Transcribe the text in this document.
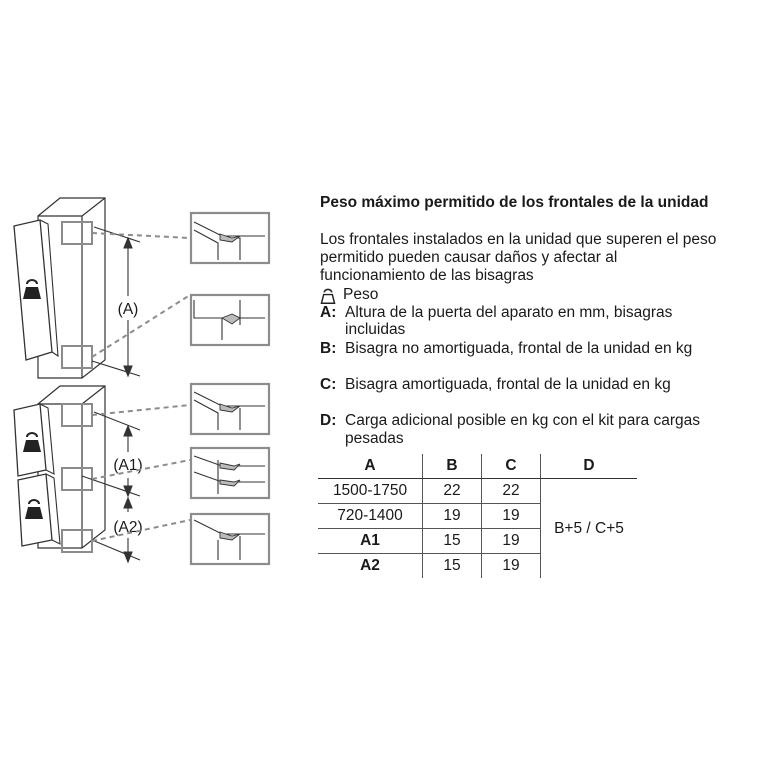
(A)
(A1)
(A2)
Peso máximo permitido de los frontales de la unidad
Los frontales instalados en la unidad que superen el peso
permitido pueden causar daños y afectar al
funcionamiento de las bisagras
Peso
A: Altura de la puerta del aparato en mm, bisagras
incluidas
B: Bisagra no amortiguada, frontal de la unidad en kg
C: Bisagra amortiguada, frontal de la unidad en kg
D: Carga adicional posible en kg con el kit para cargas
pesadas
A	B	C	D
1500-1750	22	22	B+5 / C+5
720-1400	19	19	
A1	15	19	
A2	15	19	
